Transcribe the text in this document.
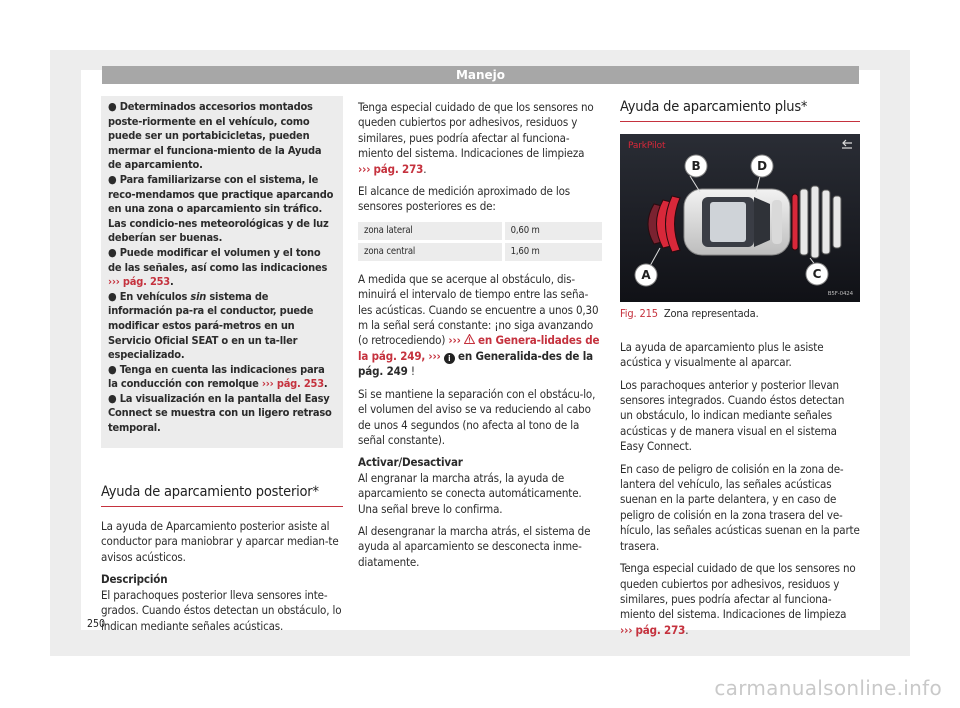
Manejo

● Determinados accesorios montados poste-riormente en el vehículo, como puede ser un portabicicletas, pueden mermar el funciona-miento de la Ayuda de aparcamiento.

● Para familiarizarse con el sistema, le reco-mendamos que practique aparcando en una zona o aparcamiento sin tráfico. Las condicio-nes meteorológicas y de luz deberían ser buenas.

● Puede modificar el volumen y el tono de las señales, así como las indicaciones
››› pág. 253.

● En vehículos sin sistema de información pa-ra el conductor, puede modificar estos pará-metros en un Servicio Oficial SEAT o en un ta-ller especializado.

● Tenga en cuenta las indicaciones para la conducción con remolque ››› pág. 253.

● La visualización en la pantalla del Easy Connect se muestra con un ligero retraso temporal.

Ayuda de aparcamiento posterior*

La ayuda de Aparcamiento posterior asiste al conductor para maniobrar y aparcar median-te avisos acústicos.

Descripción

El parachoques posterior lleva sensores inte-grados. Cuando éstos detectan un obstáculo, lo indican mediante señales acústicas.

Tenga especial cuidado de que los sensores no queden cubiertos por adhesivos, residuos y similares, pues podría afectar al funciona-miento del sistema. Indicaciones de limpieza
››› pág. 273.

El alcance de medición aproximado de los sensores posteriores es de:

zona lateral	0,60 m
zona central	1,60 m

A medida que se acerque al obstáculo, dis-minuirá el intervalo de tiempo entre las seña-les acústicas. Cuando se encuentre a unos 0,30 m la señal será constante: ¡no siga avanzando (o retrocediendo) ››› en Genera-lidades de la pág. 249, ››› i en Generalida-des de la pág. 249 !

Si se mantiene la separación con el obstácu-lo, el volumen del aviso se va reduciendo al cabo de unos 4 segundos (no afecta al tono de la señal constante).

Activar/Desactivar

Al engranar la marcha atrás, la ayuda de aparcamiento se conecta automáticamente. Una señal breve lo confirma.

Al desengranar la marcha atrás, el sistema de ayuda al aparcamiento se desconecta inme-diatamente.

Ayuda de aparcamiento plus*
ParkPilot
B	D
A	C
B5F-0424
Fig. 215 Zona representada.

La ayuda de aparcamiento plus le asiste acústica y visualmente al aparcar.

Los parachoques anterior y posterior llevan sensores integrados. Cuando éstos detectan un obstáculo, lo indican mediante señales acústicas y de manera visual en el sistema Easy Connect.

En caso de peligro de colisión en la zona de-lantera del vehículo, las señales acústicas suenan en la parte delantera, y en caso de peligro de colisión en la zona trasera del ve-hículo, las señales acústicas suenan en la parte trasera.

Tenga especial cuidado de que los sensores no queden cubiertos por adhesivos, residuos y similares, pues podría afectar al funciona-miento del sistema. Indicaciones de limpieza
››› pág. 273.

250
carmanualsonline.info
